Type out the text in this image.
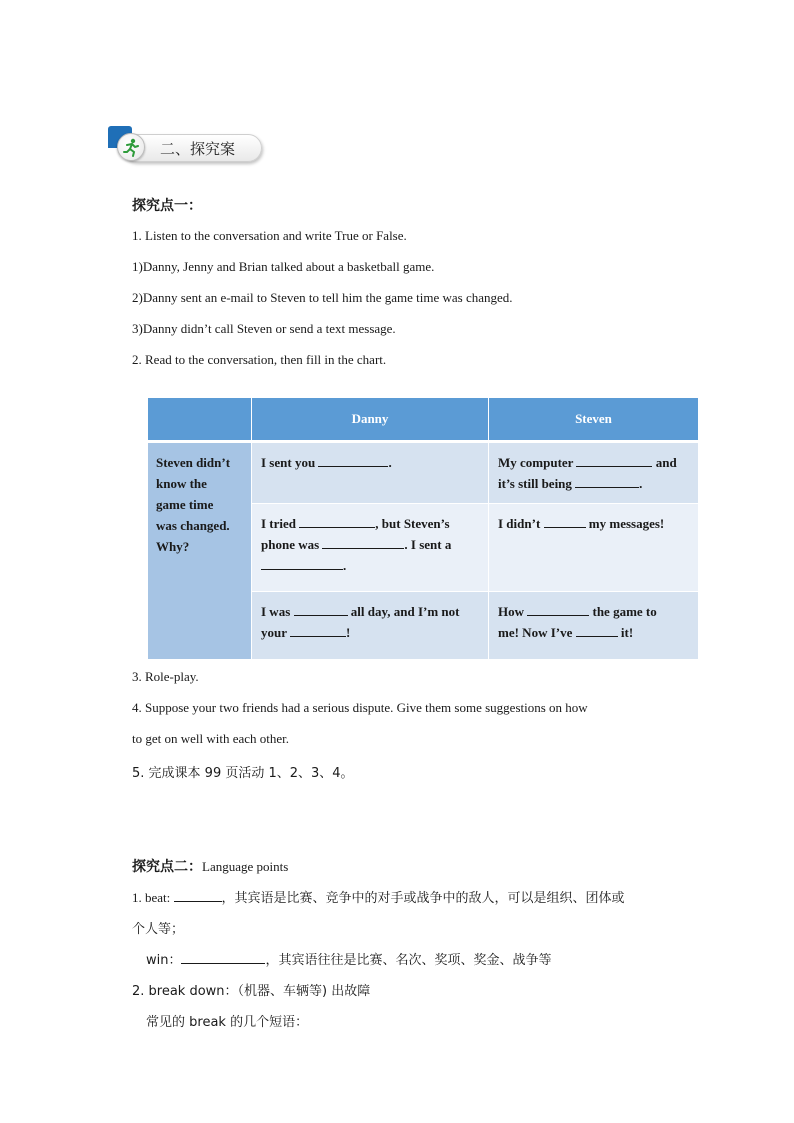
二、探究案
探究点一：
1. Listen to the conversation and write True or False.
1)Danny, Jenny and Brian talked about a basketball game.
2)Danny sent an e-mail to Steven to tell him the game time was changed.
3)Danny didn’t call Steven or send a text message.
2. Read to the conversation, then fill in the chart.
	Danny	Steven
Steven didn’t
know the
game time
was changed.
Why?	I sent you .	My computer and
it’s still being .
	I tried , but Steven’s
phone was . I sent a
.	I didn’t my messages!
	I was all day, and I’m not
your !	How the game to
me! Now I’ve it!
3. Role-play.
4. Suppose your two friends had a serious dispute. Give them some suggestions on how
to get on well with each other.
5. 完成课本 99 页活动 1、2、3、4。
探究点二：Language points
1. beat:	，其宾语是比赛、竞争中的对手或战争中的敌人，可以是组织、团体或
个人等；
win：	，其宾语往往是比赛、名次、奖项、奖金、战争等
2. break down：（机器、车辆等) 出故障
常见的 break 的几个短语：
